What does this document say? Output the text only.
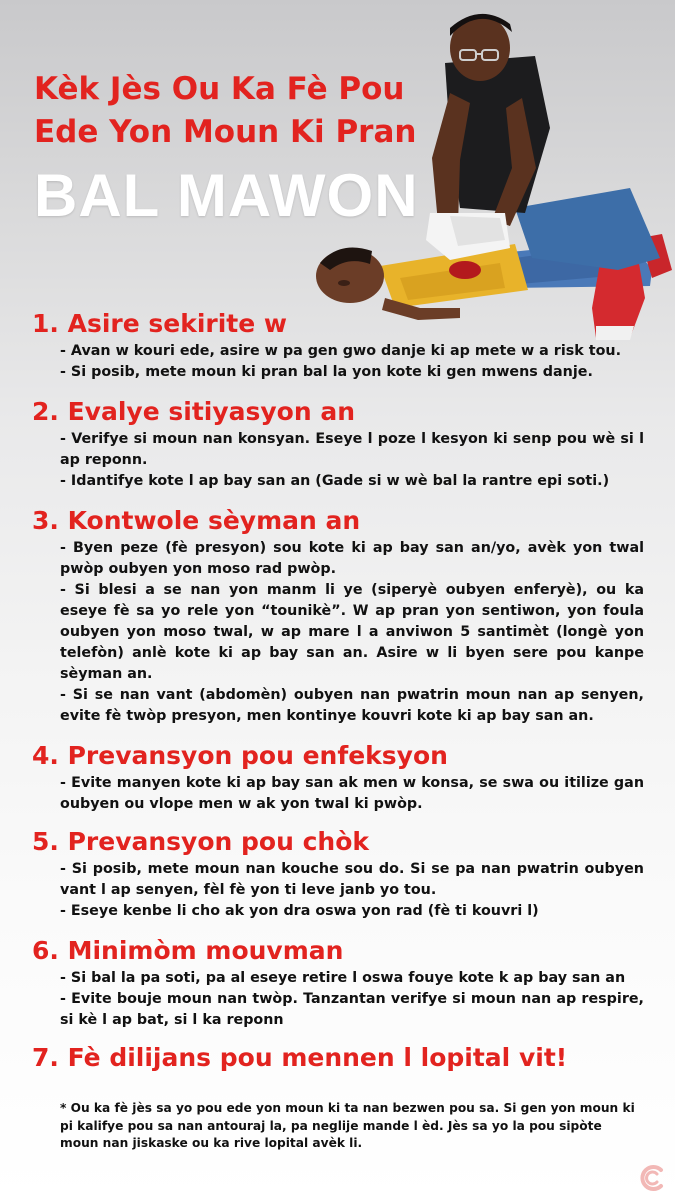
Kèk Jès Ou Ka Fè Pou
Ede Yon Moun Ki Pran
BAL MAWON
1. Asire sekirite w
- Avan w kouri ede, asire w pa gen gwo danje ki ap mete w a risk tou.
- Si posib, mete moun ki pran bal la yon kote ki gen mwens danje.
2. Evalye sitiyasyon an
- Verifye si moun nan konsyan. Eseye l poze l kesyon ki senp pou wè si l ap reponn.
- Idantifye kote l ap bay san an (Gade si w wè bal la rantre epi soti.)
3. Kontwole sèyman an
- Byen peze (fè presyon) sou kote ki ap bay san an/yo, avèk yon twal pwòp oubyen yon moso rad pwòp.
- Si blesi a se nan yon manm li ye (siperyè oubyen enferyè), ou ka eseye fè sa yo rele yon “tounikè”. W ap pran yon sentiwon, yon foula oubyen yon moso twal, w ap mare l a anviwon 5 santimèt (longè yon telefòn) anlè kote ki ap bay san an. Asire w li byen sere pou kanpe sèyman an.
- Si se nan vant (abdomèn) oubyen nan pwatrin moun nan ap senyen, evite fè twòp presyon, men kontinye kouvri kote ki ap bay san an.
4. Prevansyon pou enfeksyon
- Evite manyen kote ki ap bay san ak men w konsa, se swa ou itilize gan oubyen ou vlope men w ak yon twal ki pwòp.
5. Prevansyon pou chòk
- Si posib, mete moun nan kouche sou do. Si se pa nan pwatrin oubyen vant l ap senyen, fèl fè yon ti leve janb yo tou.
- Eseye kenbe li cho ak yon dra oswa yon rad (fè ti kouvri l)
6. Minimòm mouvman
- Si bal la pa soti, pa al eseye retire l oswa fouye kote k ap bay san an
- Evite bouje moun nan twòp. Tanzantan verifye si moun nan ap respire, si kè l ap bat, si l ka reponn
7. Fè dilijans pou mennen l lopital vit!
* Ou ka fè jès sa yo pou ede yon moun ki ta nan bezwen pou sa. Si gen yon moun ki pi kalifye pou sa nan antouraj la, pa neglije mande l èd. Jès sa yo la pou sipòte moun nan jiskaske ou ka rive lopital avèk li.
